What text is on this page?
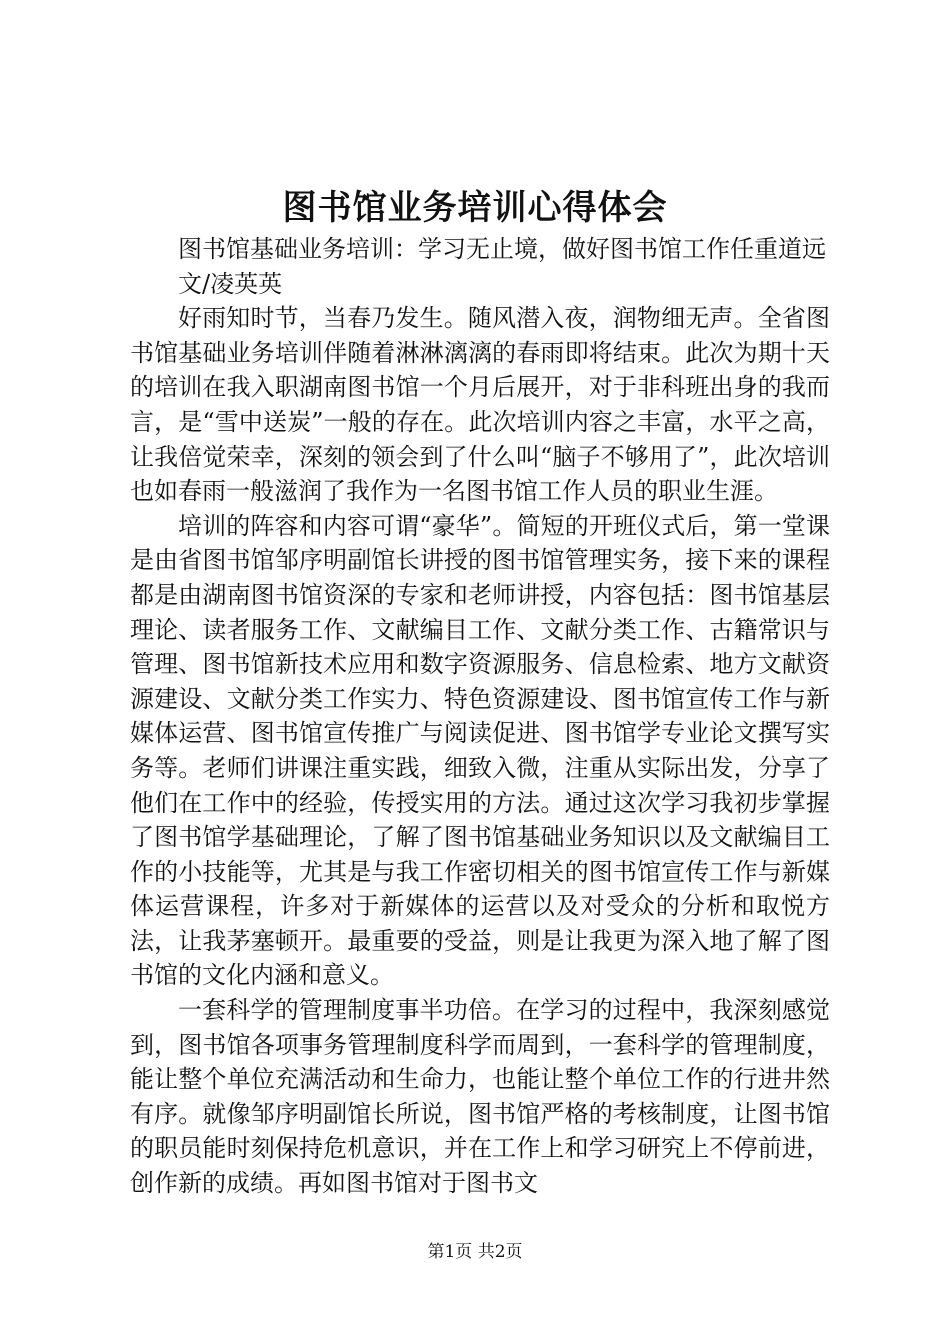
图书馆业务培训心得体会

图书馆基础业务培训：学习无止境，做好图书馆工作任重道远

文/凌英英

好雨知时节，当春乃发生。随风潜入夜，润物细无声。全省图书馆基础业务培训伴随着淋淋漓漓的春雨即将结束。此次为期十天的培训在我入职湖南图书馆一个月后展开，对于非科班出身的我而言，是“雪中送炭”一般的存在。此次培训内容之丰富，水平之高，让我倍觉荣幸，深刻的领会到了什么叫“脑子不够用了”，此次培训也如春雨一般滋润了我作为一名图书馆工作人员的职业生涯。

培训的阵容和内容可谓“豪华”。简短的开班仪式后，第一堂课是由省图书馆邹序明副馆长讲授的图书馆管理实务，接下来的课程都是由湖南图书馆资深的专家和老师讲授，内容包括：图书馆基层理论、读者服务工作、文献编目工作、文献分类工作、古籍常识与管理、图书馆新技术应用和数字资源服务、信息检索、地方文献资源建设、文献分类工作实力、特色资源建设、图书馆宣传工作与新媒体运营、图书馆宣传推广与阅读促进、图书馆学专业论文撰写实务等。老师们讲课注重实践，细致入微，注重从实际出发，分享了他们在工作中的经验，传授实用的方法。通过这次学习我初步掌握了图书馆学基础理论，了解了图书馆基础业务知识以及文献编目工作的小技能等，尤其是与我工作密切相关的图书馆宣传工作与新媒体运营课程，许多对于新媒体的运营以及对受众的分析和取悦方法，让我茅塞顿开。最重要的受益，则是让我更为深入地了解了图书馆的文化内涵和意义。

一套科学的管理制度事半功倍。在学习的过程中，我深刻感觉到，图书馆各项事务管理制度科学而周到，一套科学的管理制度，能让整个单位充满活动和生命力，也能让整个单位工作的行进井然有序。就像邹序明副馆长所说，图书馆严格的考核制度，让图书馆的职员能时刻保持危机意识，并在工作上和学习研究上不停前进，创作新的成绩。再如图书馆对于图书文

第1页 共2页
